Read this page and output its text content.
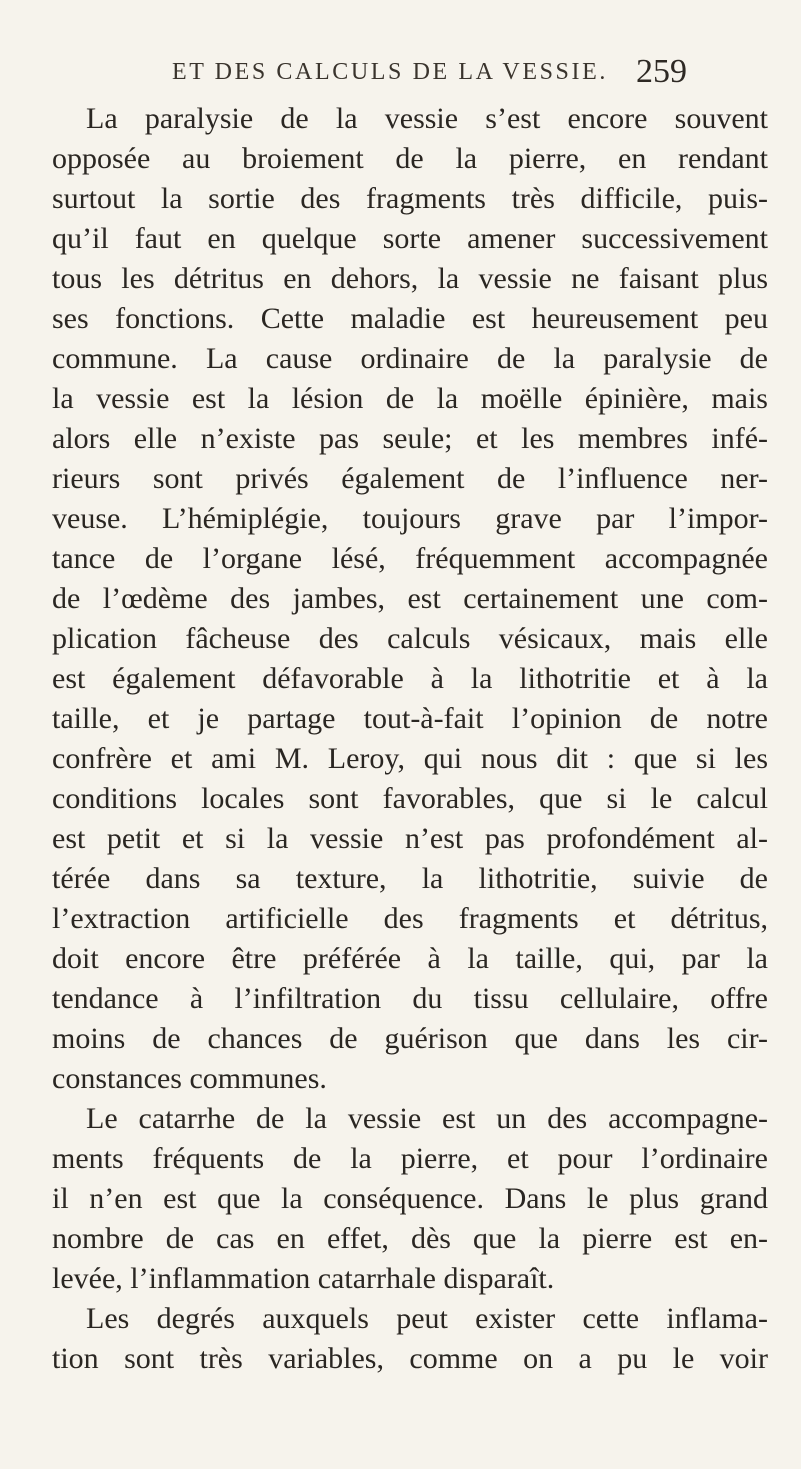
ET DES CALCULS DE LA VESSIE. 259
La paralysie de la vessie s’est encore souvent
opposée au broiement de la pierre, en rendant
surtout la sortie des fragments très difficile, puis-
qu’il faut en quelque sorte amener successivement
tous les détritus en dehors, la vessie ne faisant plus
ses fonctions. Cette maladie est heureusement peu
commune. La cause ordinaire de la paralysie de
la vessie est la lésion de la moëlle épinière, mais
alors elle n’existe pas seule; et les membres infé-
rieurs sont privés également de l’influence ner-
veuse. L’hémiplégie, toujours grave par l’impor-
tance de l’organe lésé, fréquemment accompagnée
de l’œdème des jambes, est certainement une com-
plication fâcheuse des calculs vésicaux, mais elle
est également défavorable à la lithotritie et à la
taille, et je partage tout-à-fait l’opinion de notre
confrère et ami M. Leroy, qui nous dit : que si les
conditions locales sont favorables, que si le calcul
est petit et si la vessie n’est pas profondément al-
térée dans sa texture, la lithotritie, suivie de
l’extraction artificielle des fragments et détritus,
doit encore être préférée à la taille, qui, par la
tendance à l’infiltration du tissu cellulaire, offre
moins de chances de guérison que dans les cir-
constances communes.
Le catarrhe de la vessie est un des accompagne-
ments fréquents de la pierre, et pour l’ordinaire
il n’en est que la conséquence. Dans le plus grand
nombre de cas en effet, dès que la pierre est en-
levée, l’inflammation catarrhale disparaît.
Les degrés auxquels peut exister cette inflama-
tion sont très variables, comme on a pu le voir
